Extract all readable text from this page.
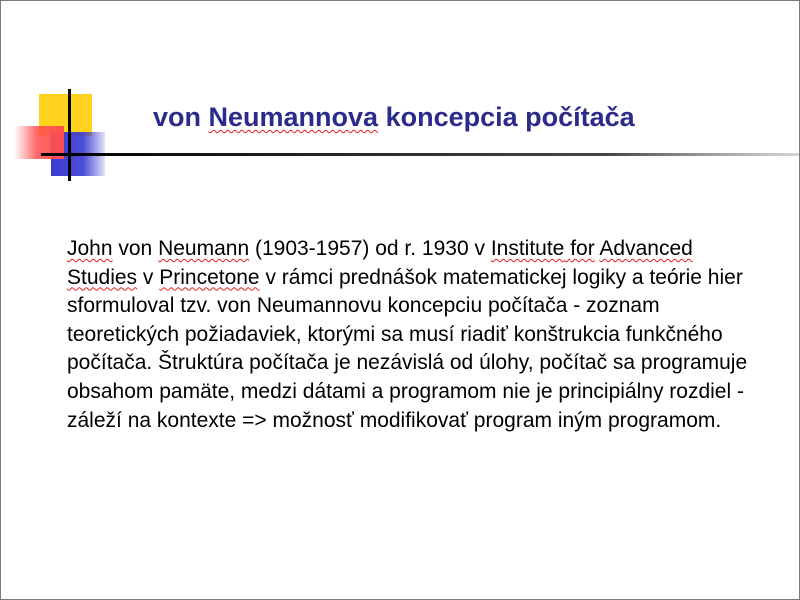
von Neumannova koncepcia počítača

John von Neumann (1903-1957) od r. 1930 v Institute for Advanced Studies v Princetone v rámci prednášok matematickej logiky a teórie hier sformuloval tzv. von Neumannovu koncepciu počítača - zoznam teoretických požiadaviek, ktorými sa musí riadiť konštrukcia funkčného počítača. Štruktúra počítača je nezávislá od úlohy, počítač sa programuje obsahom pamäte, medzi dátami a programom nie je principiálny rozdiel - záleží na kontexte => možnosť modifikovať program iným programom.
